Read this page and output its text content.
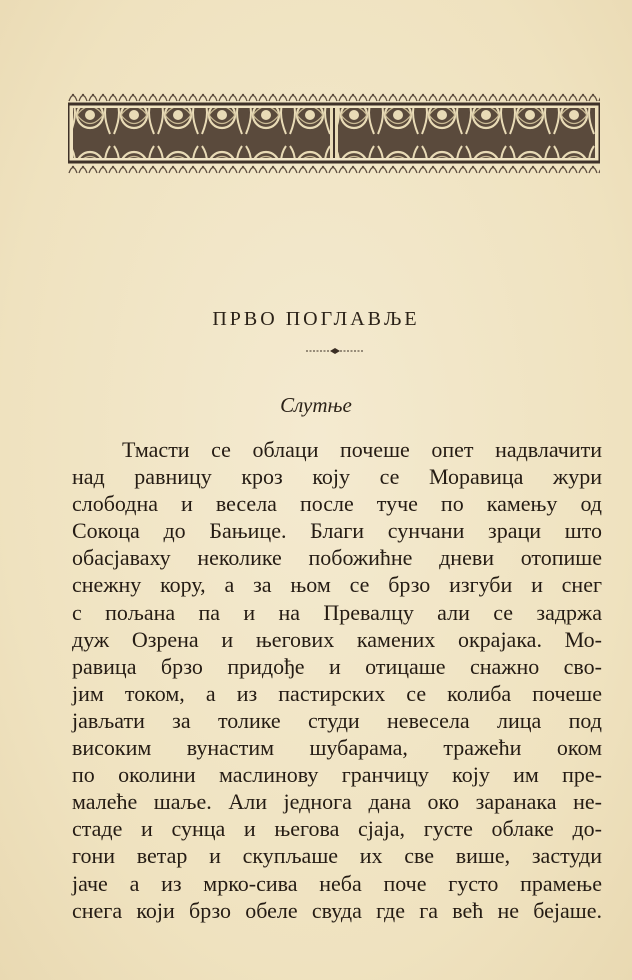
ПРВО ПОГЛАВЉЕ
Слутње
Тмасти се облаци почеше опет надвлачити
над равницу кроз коју се Моравица жури
слободна и весела после туче по камењу од
Сокоца до Бањице. Благи сунчани зраци што
обасјаваху неколике побожићне дневи отопише
снежну кору, а за њом се брзо изгуби и снег
с пољана па и на Превалцу али се задржа
дуж Озрена и његових камених окрајака. Мо-
равица брзо придође и отицаше снажно сво-
јим током, а из пастирских се колиба почеше
јављати за толике студи невесела лица под
високим вунастим шубарама, тражећи оком
по околини маслинову гранчицу коју им пре-
малеће шаље. Али једнога дана око заранака не-
стаде и сунца и његова сјаја, густе облаке до-
гони ветар и скупљаше их све више, застуди
јаче а из мрко-сива неба поче густо прамење
снега који брзо обеле свуда где га већ не бејаше.
